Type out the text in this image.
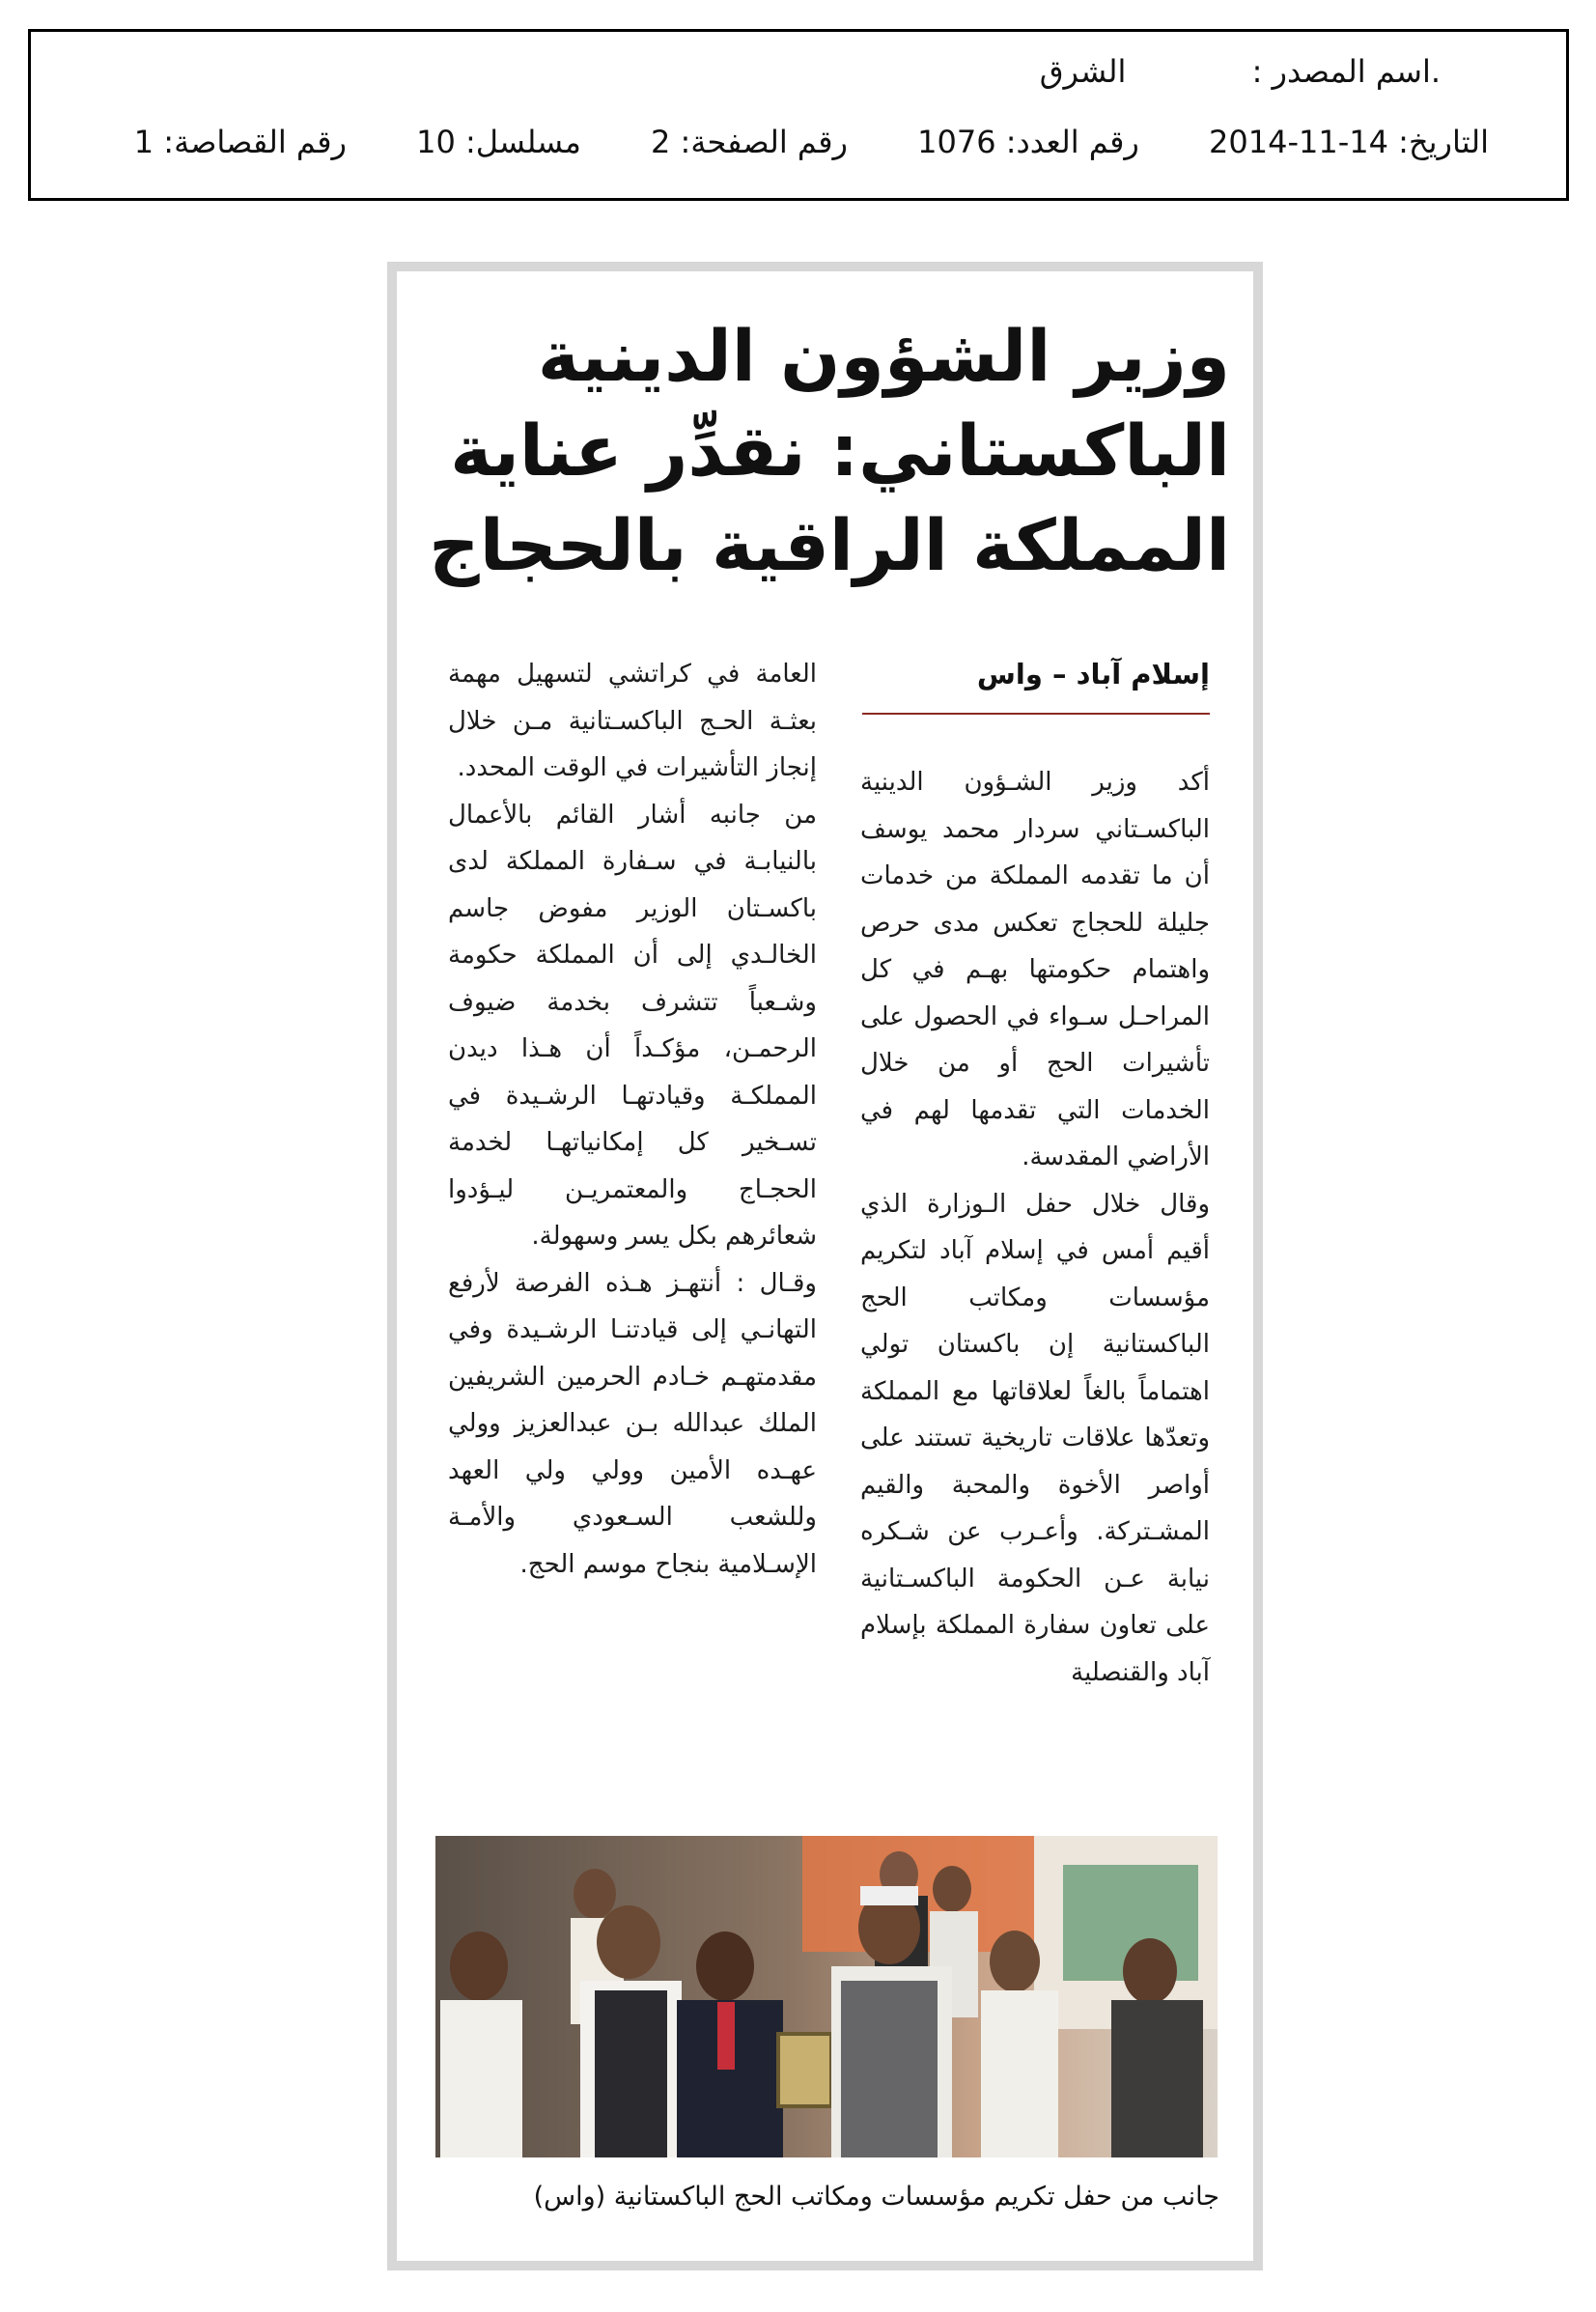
.اسم المصدر : الشرق
التاريخ: 2014-11-14 رقم العدد: 1076 رقم الصفحة: 2 مسلسل: 10 رقم القصاصة: 1
وزير الشؤون الدينية
الباكستاني: نقدِّر عناية
المملكة الراقية بالحجاج
إسلام آباد – واس

أكد وزير الشـؤون الدينية الباكسـتاني سردار محمد يوسف أن ما تقدمه المملكة من خدمات جليلة للحجاج تعكس مدى حرص واهتمام حكومتها بهـم في كل المراحـل سـواء في الحصول على تأشيرات الحج أو من خلال الخدمات التي تقدمها لهم في الأراضي المقدسة.

وقال خلال حفل الـوزارة الذي أقيم أمس في إسلام آباد لتكريم مؤسسات ومكاتب الحج الباكستانية إن باكستان تولي اهتماماً بالغاً لعلاقاتها مع المملكة وتعدّها علاقات تاريخية تستند على أواصر الأخوة والمحبة والقيم المشـتركة. وأعـرب عن شـكره نيابة عـن الحكومة الباكسـتانية على تعاون سفارة المملكة بإسلام آباد والقنصلية

العامة في كراتشي لتسهيل مهمة بعثـة الحـج الباكسـتانية مـن خلال إنجاز التأشيرات في الوقت المحدد.

من جانبه أشار القائم بالأعمال بالنيابـة في سـفارة المملكة لدى باكسـتان الوزير مفوض جاسم الخالـدي إلى أن المملكة حكومة وشـعباً تتشرف بخدمة ضيوف الرحمـن، مؤكـداً أن هـذا ديدن المملكـة وقيادتهـا الرشـيدة في تسـخير كل إمكانياتهـا لخدمة الحجـاج والمعتمريـن ليـؤدوا شعائرهم بكل يسر وسهولة.

وقـال : أنتهـز هـذه الفرصة لأرفع التهانـي إلى قيادتنـا الرشـيدة وفي مقدمتهـم خـادم الحرمين الشريفين الملك عبدالله بـن عبدالعزيز وولي عهـده الأمين وولي ولي العهد وللشعب السـعودي والأمـة الإسـلامية بنجاح موسم الحج.

جانب من حفل تكريم مؤسسات ومكاتب الحج الباكستانية (واس)
